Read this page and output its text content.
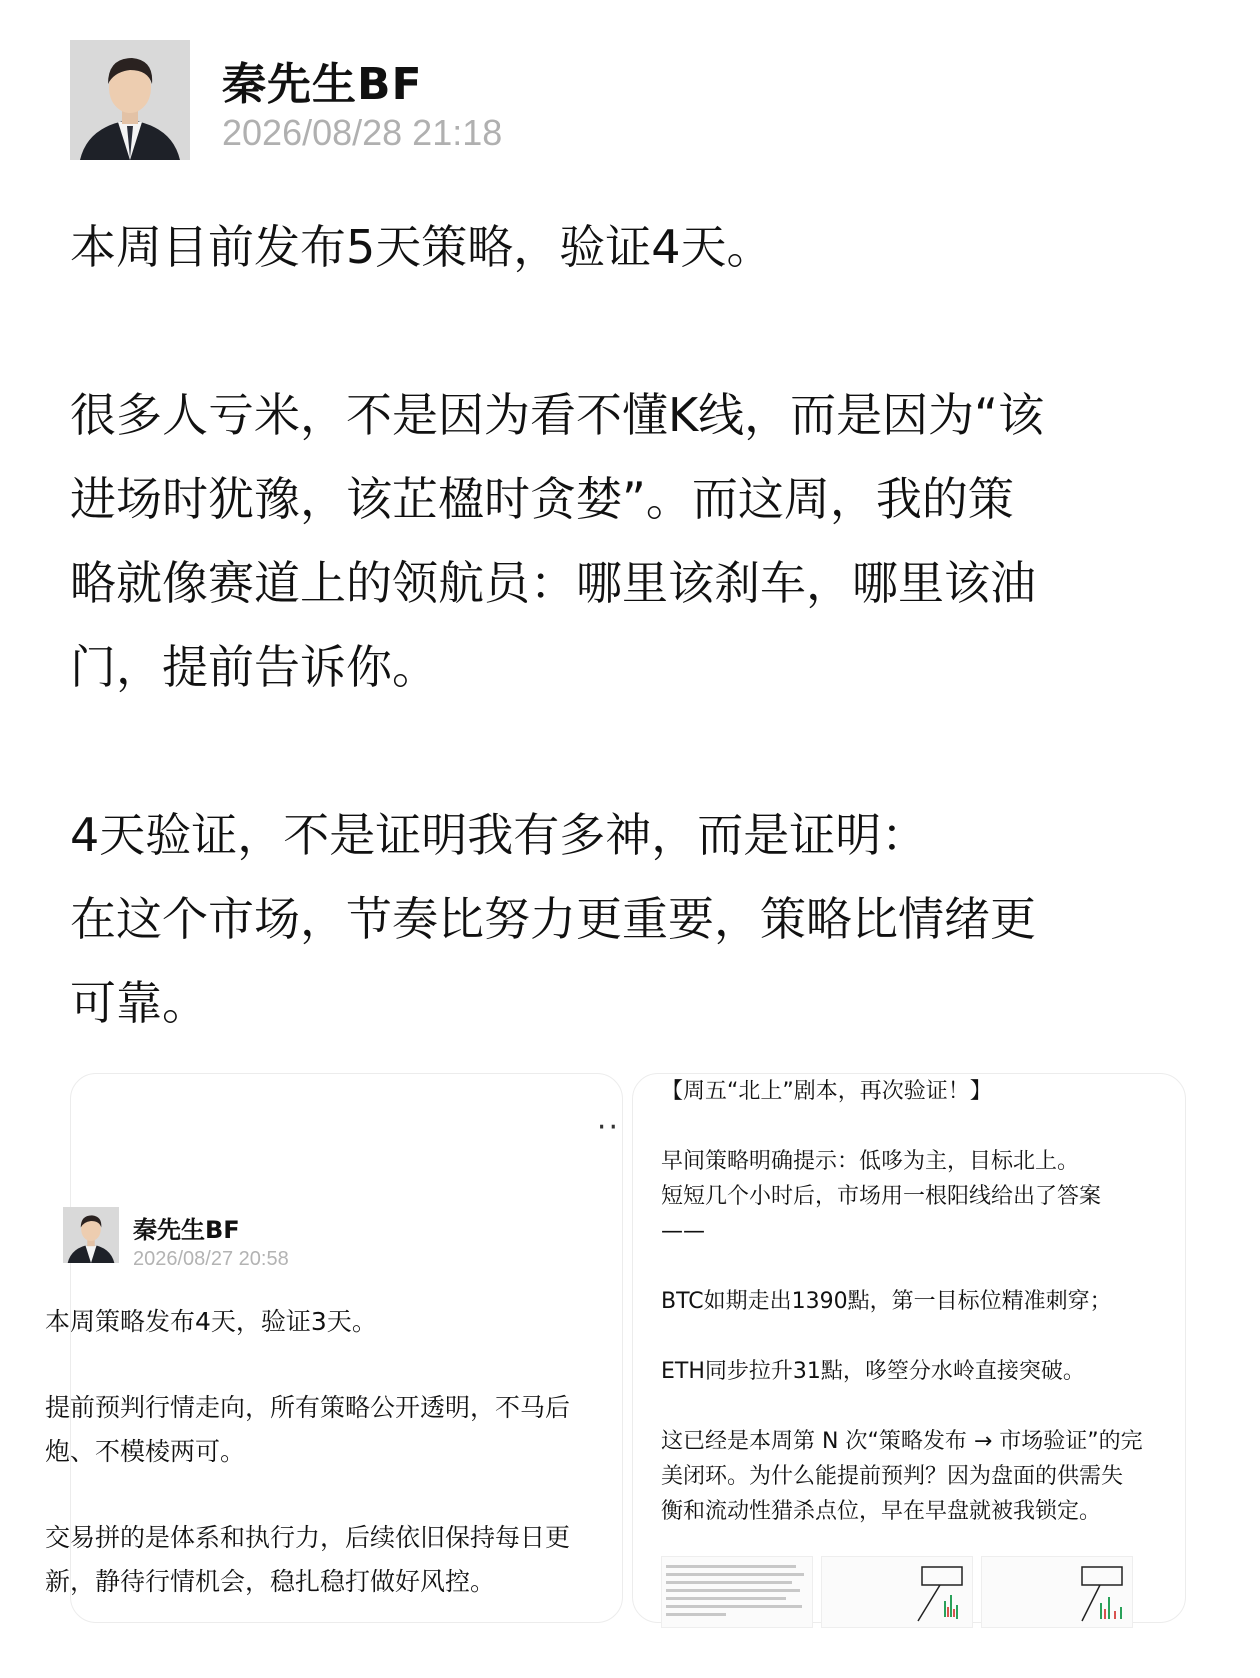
秦先生BF
2026/08/28 21:18

本周目前发布5天策略，验证4天。

很多人亏米，不是因为看不懂K线，而是因为“该

进场时犹豫，该芷楹时贪婪”。而这周，我的策

略就像赛道上的领航员：哪里该刹车，哪里该油

门，提前告诉你。

4天验证，不是证明我有多神，而是证明：

在这个市场，节奏比努力更重要，策略比情绪更

可靠。

··
秦先生BF
2026/08/27 20:58

本周策略发布4天，验证3天。

提前预判行情走向，所有策略公开透明，不马后

炮、不模棱两可。

交易拼的是体系和执行力，后续依旧保持每日更

新，静待行情机会，稳扎稳打做好风控。

【周五“北上”剧本，再次验证！】

早间策略明确提示：低哆为主，目标北上。

短短几个小时后，市场用一根阳线给出了答案

——

BTC如期走出1390點，第一目标位精准刺穿；

ETH同步拉升31點，哆箜分水岭直接突破。

这已经是本周第 N 次“策略发布 → 市场验证”的完

美闭环。为什么能提前预判？因为盘面的供需失

衡和流动性猎杀点位，早在早盘就被我锁定。
